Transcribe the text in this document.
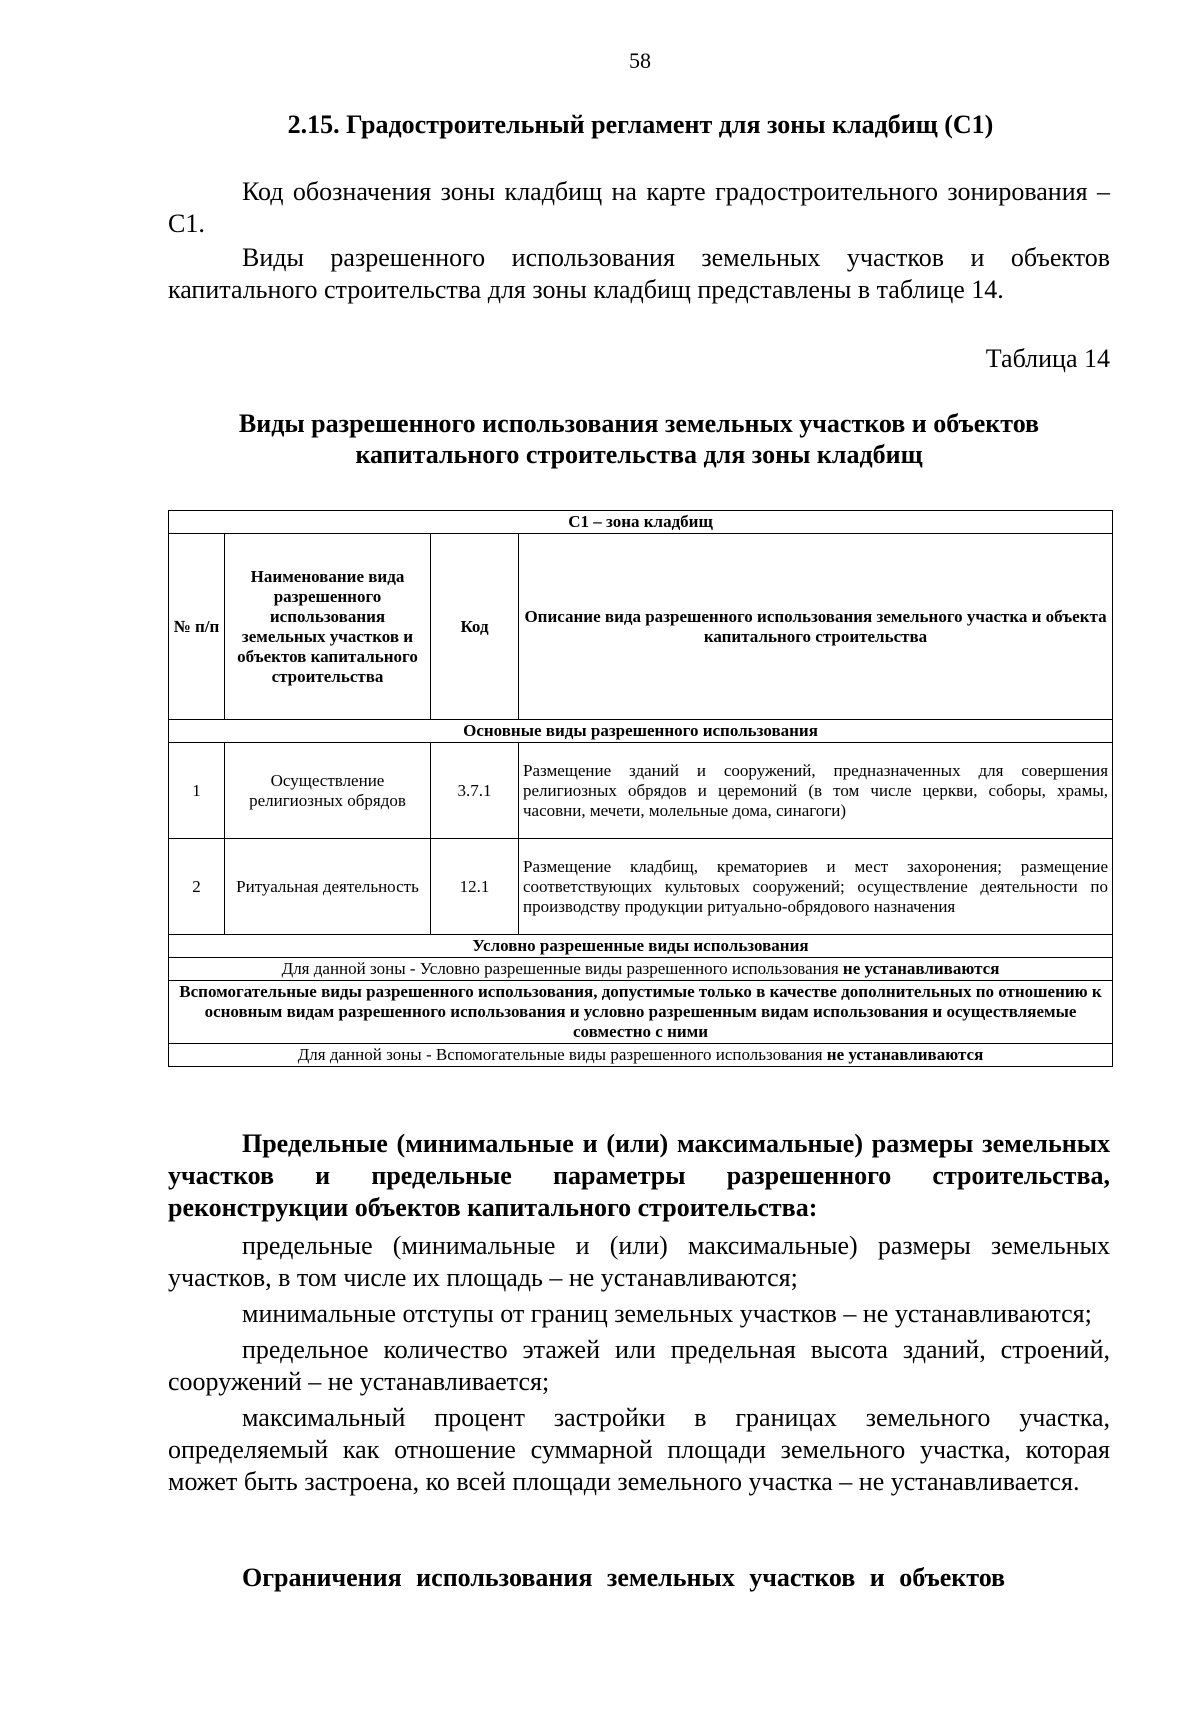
58
2.15. Градостроительный регламент для зоны кладбищ (С1)

Код обозначения зоны кладбищ на карте градостроительного зонирования – С1.

Виды разрешенного использования земельных участков и объектов капитального строительства для зоны кладбищ представлены в таблице 14.

Таблица 14
Виды разрешенного использования земельных участков и объектов капитального строительства для зоны кладбищ
С1 – зона кладбищ			
№ п/п	Наименование вида разрешенного использования земельных участков и объектов капитального строительства	Код	Описание вида разрешенного использования земельного участка и объекта капитального строительства
Основные виды разрешенного использования			
1	Осуществление религиозных обрядов	3.7.1	Размещение зданий и сооружений, предназначенных для совершения религиозных обрядов и церемоний (в том числе церкви, соборы, храмы, часовни, мечети, молельные дома, синагоги)
2	Ритуальная деятельность	12.1	Размещение кладбищ, крематориев и мест захоронения; размещение соответствующих культовых сооружений; осуществление деятельности по производству продукции ритуально-обрядового назначения
Условно разрешенные виды использования			
Для данной зоны - Условно разрешенные виды разрешенного использования не устанавливаются			
Вспомогательные виды разрешенного использования, допустимые только в качестве дополнительных по отношению к основным видам разрешенного использования и условно разрешенным видам использования и осуществляемые совместно с ними			
Для данной зоны - Вспомогательные виды разрешенного использования не устанавливаются			

Предельные (минимальные и (или) максимальные) размеры земельных участков и предельные параметры разрешенного строительства, реконструкции объектов капитального строительства:

предельные (минимальные и (или) максимальные) размеры земельных участков, в том числе их площадь – не устанавливаются;

минимальные отступы от границ земельных участков – не устанавливаются;

предельное количество этажей или предельная высота зданий, строений, сооружений – не устанавливается;

максимальный процент застройки в границах земельного участка, определяемый как отношение суммарной площади земельного участка, которая может быть застроена, ко всей площади земельного участка – не устанавливается.

Ограничения использования земельных участков и объектов
